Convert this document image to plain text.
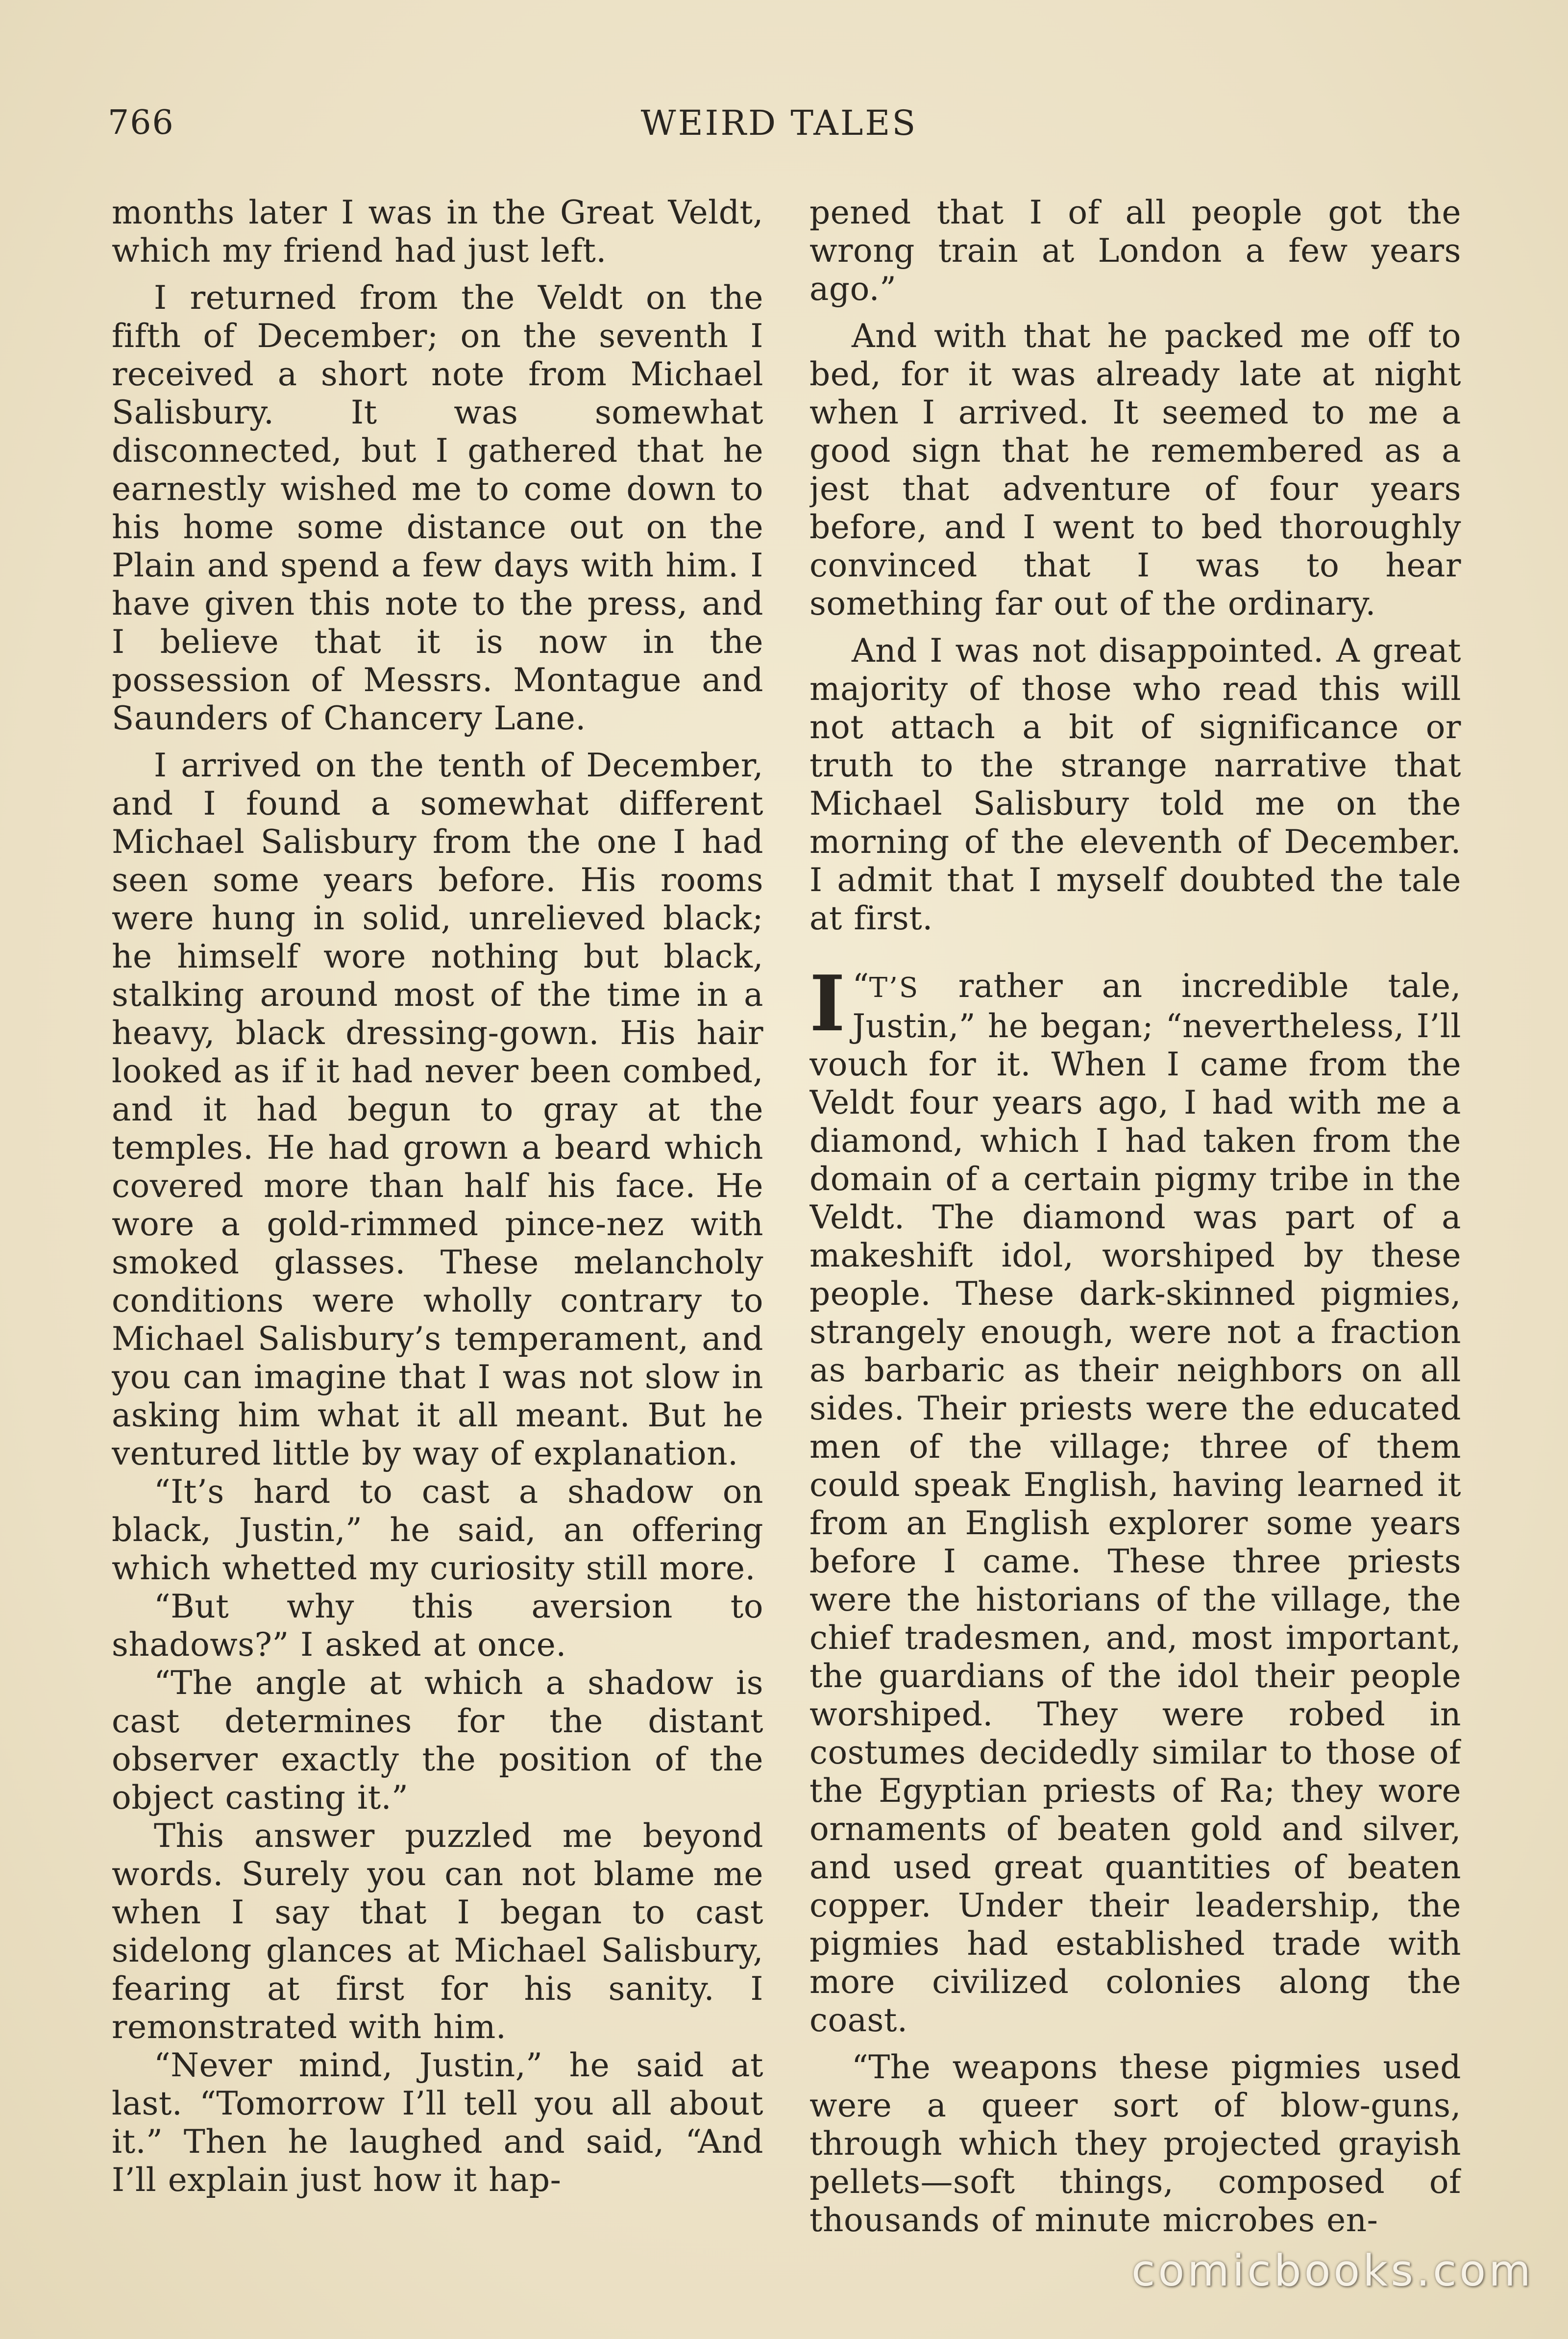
766	WEIRD TALES

months later I was in the Great Veldt, which my friend had just left.

I returned from the Veldt on the fifth of December; on the seventh I received a short note from Michael Salisbury. It was somewhat disconnected, but I gathered that he earnestly wished me to come down to his home some distance out on the Plain and spend a few days with him. I have given this note to the press, and I believe that it is now in the possession of Messrs. Montague and Saunders of Chancery Lane.

I arrived on the tenth of December, and I found a somewhat different Michael Salisbury from the one I had seen some years before. His rooms were hung in solid, unrelieved black; he himself wore nothing but black, stalking around most of the time in a heavy, black dressing-gown. His hair looked as if it had never been combed, and it had begun to gray at the temples. He had grown a beard which covered more than half his face. He wore a gold-rimmed pince-nez with smoked glasses. These melancholy conditions were wholly contrary to Michael Salisbury’s temperament, and you can imagine that I was not slow in asking him what it all meant. But he ventured little by way of explanation.

“It’s hard to cast a shadow on black, Justin,” he said, an offering which whetted my curiosity still more.

“But why this aversion to shadows?” I asked at once.

“The angle at which a shadow is cast determines for the distant observer exactly the position of the object casting it.”

This answer puzzled me beyond words. Surely you can not blame me when I say that I began to cast sidelong glances at Michael Salisbury, fearing at first for his sanity. I remonstrated with him.

“Never mind, Justin,” he said at last. “Tomorrow I’ll tell you all about it.” Then he laughed and said, “And I’ll explain just how it hap-

pened that I of all people got the wrong train at London a few years ago.”

And with that he packed me off to bed, for it was already late at night when I arrived. It seemed to me a good sign that he remembered as a jest that adventure of four years before, and I went to bed thoroughly convinced that I was to hear something far out of the ordinary.

And I was not disappointed. A great majority of those who read this will not attach a bit of significance or truth to the strange narrative that Michael Salisbury told me on the morning of the eleventh of December. I admit that I myself doubted the tale at first.

“
I T’S rather an incredible tale, Justin,” he began; “nevertheless, I’ll vouch for it. When I came from the Veldt four years ago, I had with me a diamond, which I had taken from the domain of a certain pigmy tribe in the Veldt. The diamond was part of a makeshift idol, worshiped by these people. These dark-skinned pigmies, strangely enough, were not a fraction as barbaric as their neighbors on all sides. Their priests were the educated men of the village; three of them could speak English, having learned it from an English explorer some years before I came. These three priests were the historians of the village, the chief tradesmen, and, most important, the guardians of the idol their people worshiped. They were robed in costumes decidedly similar to those of the Egyptian priests of Ra; they wore ornaments of beaten gold and silver, and used great quantities of beaten copper. Under their leadership, the pigmies had established trade with more civilized colonies along the coast.

“The weapons these pigmies used were a queer sort of blow-guns, through which they projected grayish pellets—soft things, composed of thousands of minute microbes en-

comicbooks.com
